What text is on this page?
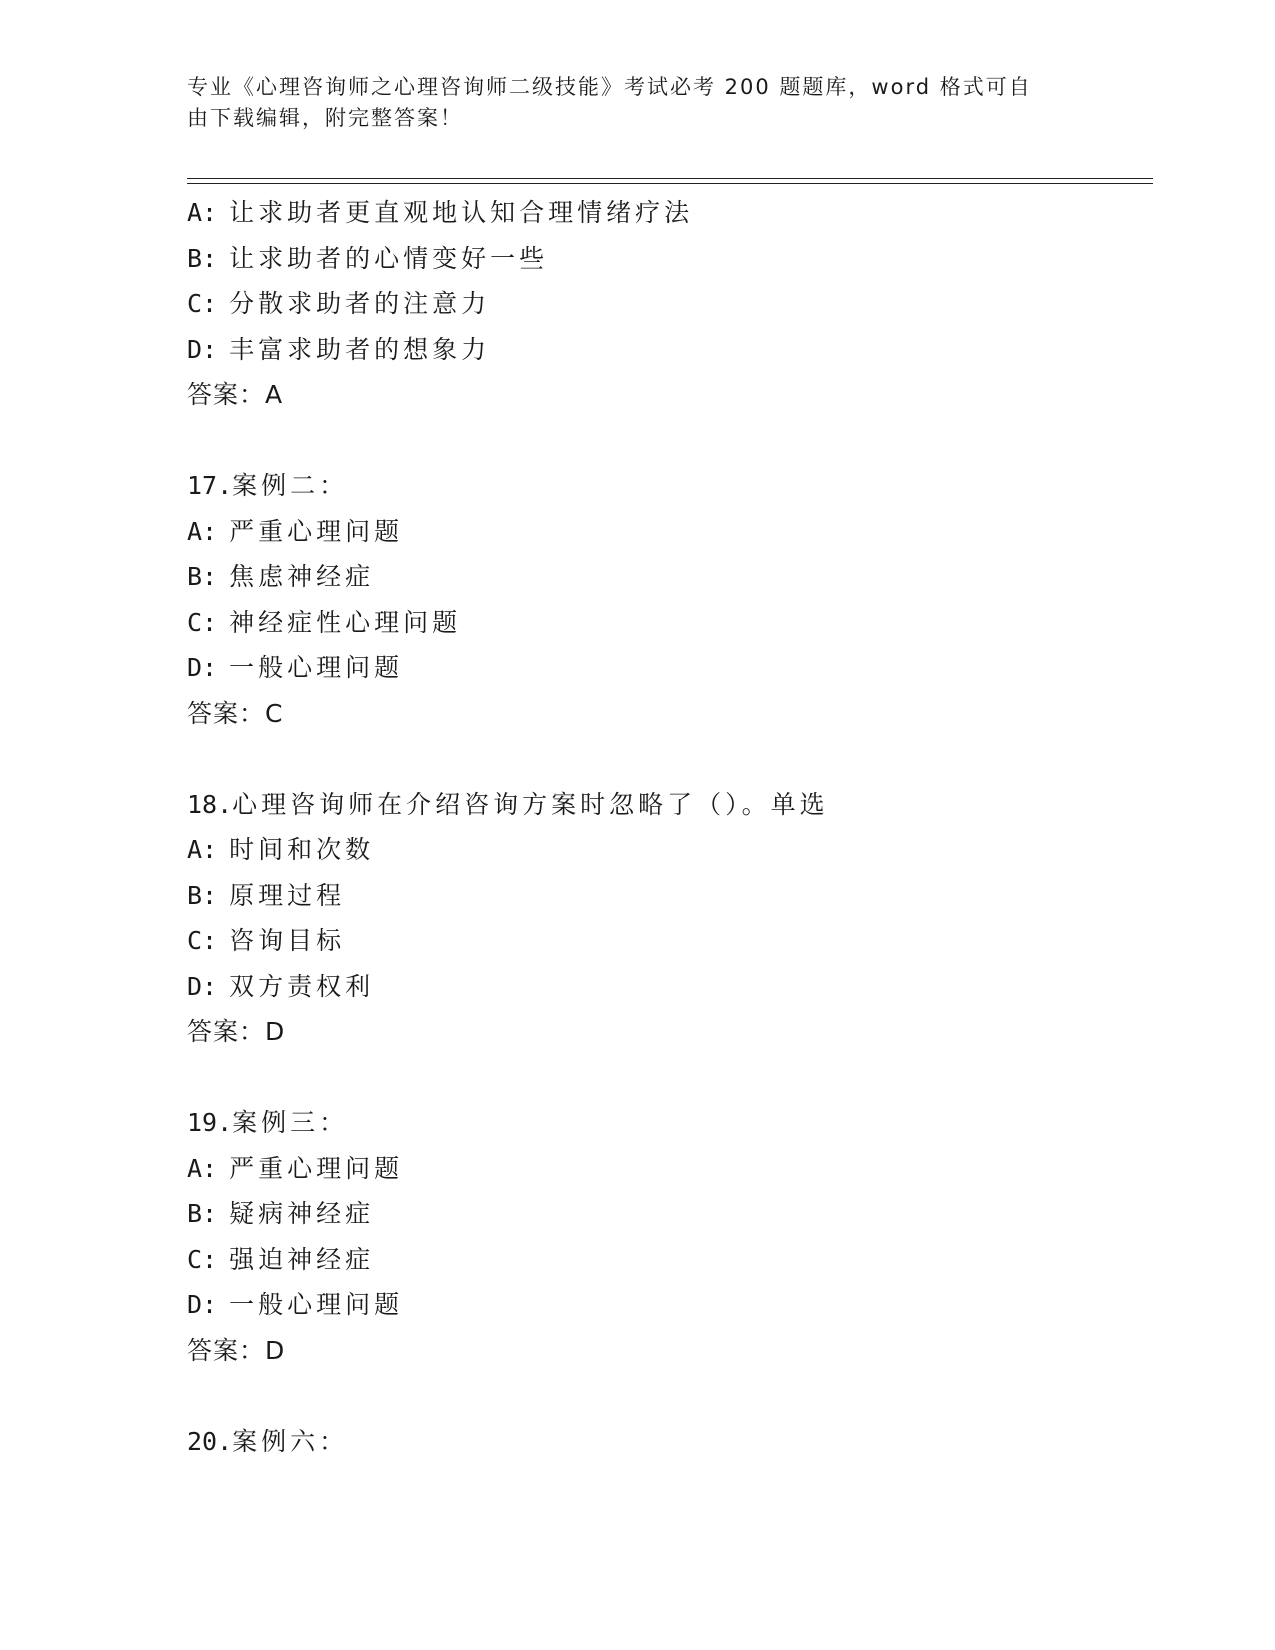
专业《心理咨询师之心理咨询师二级技能》考试必考 200 题题库，word 格式可自
由下载编辑，附完整答案！
A: 让求助者更直观地认知合理情绪疗法
B: 让求助者的心情变好一些
C: 分散求助者的注意力
D: 丰富求助者的想象力
答案：A
17.案例二：
A: 严重心理问题
B: 焦虑神经症
C: 神经症性心理问题
D: 一般心理问题
答案：C
18.心理咨询师在介绍咨询方案时忽略了（）。单选
A: 时间和次数
B: 原理过程
C: 咨询目标
D: 双方责权利
答案：D
19.案例三：
A: 严重心理问题
B: 疑病神经症
C: 强迫神经症
D: 一般心理问题
答案：D
20.案例六：
